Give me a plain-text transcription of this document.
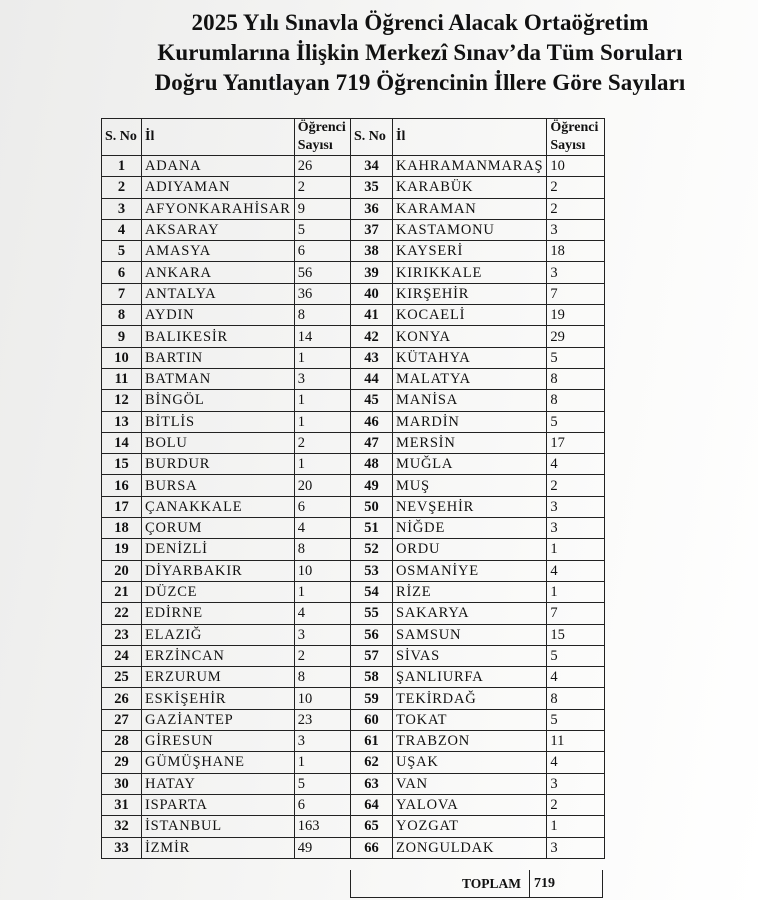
2025 Yılı Sınavla Öğrenci Alacak Ortaöğretim
Kurumlarına İlişkin Merkezî Sınav’da Tüm Soruları
Doğru Yanıtlayan 719 Öğrencinin İllere Göre Sayıları
S. No	İl	Öğrenci
Sayısı
1	ADANA	26
2	ADIYAMAN	2
3	AFYONKARAHİSAR	9
4	AKSARAY	5
5	AMASYA	6
6	ANKARA	56
7	ANTALYA	36
8	AYDIN	8
9	BALIKESİR	14
10	BARTIN	1
11	BATMAN	3
12	BİNGÖL	1
13	BİTLİS	1
14	BOLU	2
15	BURDUR	1
16	BURSA	20
17	ÇANAKKALE	6
18	ÇORUM	4
19	DENİZLİ	8
20	DİYARBAKIR	10
21	DÜZCE	1
22	EDİRNE	4
23	ELAZIĞ	3
24	ERZİNCAN	2
25	ERZURUM	8
26	ESKİŞEHİR	10
27	GAZİANTEP	23
28	GİRESUN	3
29	GÜMÜŞHANE	1
30	HATAY	5
31	ISPARTA	6
32	İSTANBUL	163
33	İZMİR	49
S. No	İl	Öğrenci
Sayısı
34	KAHRAMANMARAŞ	10
35	KARABÜK	2
36	KARAMAN	2
37	KASTAMONU	3
38	KAYSERİ	18
39	KIRIKKALE	3
40	KIRŞEHİR	7
41	KOCAELİ	19
42	KONYA	29
43	KÜTAHYA	5
44	MALATYA	8
45	MANİSA	8
46	MARDİN	5
47	MERSİN	17
48	MUĞLA	4
49	MUŞ	2
50	NEVŞEHİR	3
51	NİĞDE	3
52	ORDU	1
53	OSMANİYE	4
54	RİZE	1
55	SAKARYA	7
56	SAMSUN	15
57	SİVAS	5
58	ŞANLIURFA	4
59	TEKİRDAĞ	8
60	TOKAT	5
61	TRABZON	11
62	UŞAK	4
63	VAN	3
64	YALOVA	2
65	YOZGAT	1
66	ZONGULDAK	3
TOPLAM 719
